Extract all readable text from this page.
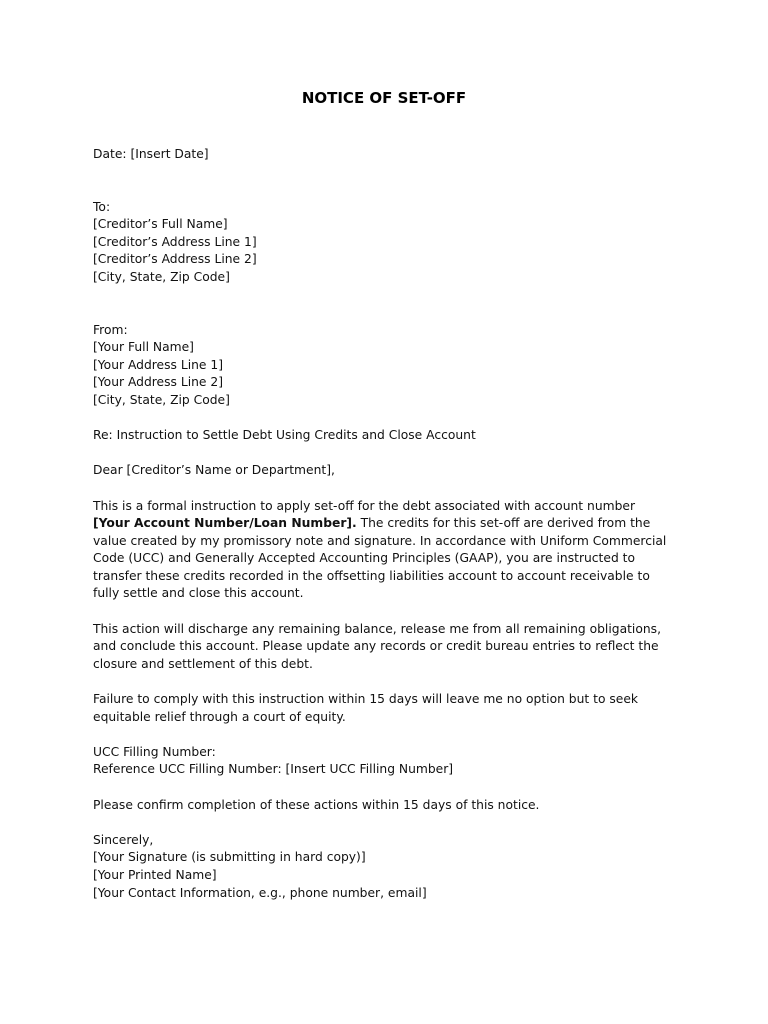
NOTICE OF SET-OFF
Date: [Insert Date]
To:
[Creditor’s Full Name]
[Creditor’s Address Line 1]
[Creditor’s Address Line 2]
[City, State, Zip Code]
From:
[Your Full Name]
[Your Address Line 1]
[Your Address Line 2]
[City, State, Zip Code]
Re: Instruction to Settle Debt Using Credits and Close Account
Dear [Creditor’s Name or Department],

This is a formal instruction to apply set-off for the debt associated with account number [Your Account Number/Loan Number]. The credits for this set-off are derived from the value created by my promissory note and signature. In accordance with Uniform Commercial Code (UCC) and Generally Accepted Accounting Principles (GAAP), you are instructed to transfer these credits recorded in the offsetting liabilities account to account receivable to fully settle and close this account.

This action will discharge any remaining balance, release me from all remaining obligations, and conclude this account. Please update any records or credit bureau entries to reflect the closure and settlement of this debt.

Failure to comply with this instruction within 15 days will leave me no option but to seek equitable relief through a court of equity.

UCC Filling Number:
Reference UCC Filling Number: [Insert UCC Filling Number]
Please confirm completion of these actions within 15 days of this notice.
Sincerely,
[Your Signature (is submitting in hard copy)]
[Your Printed Name]
[Your Contact Information, e.g., phone number, email]
